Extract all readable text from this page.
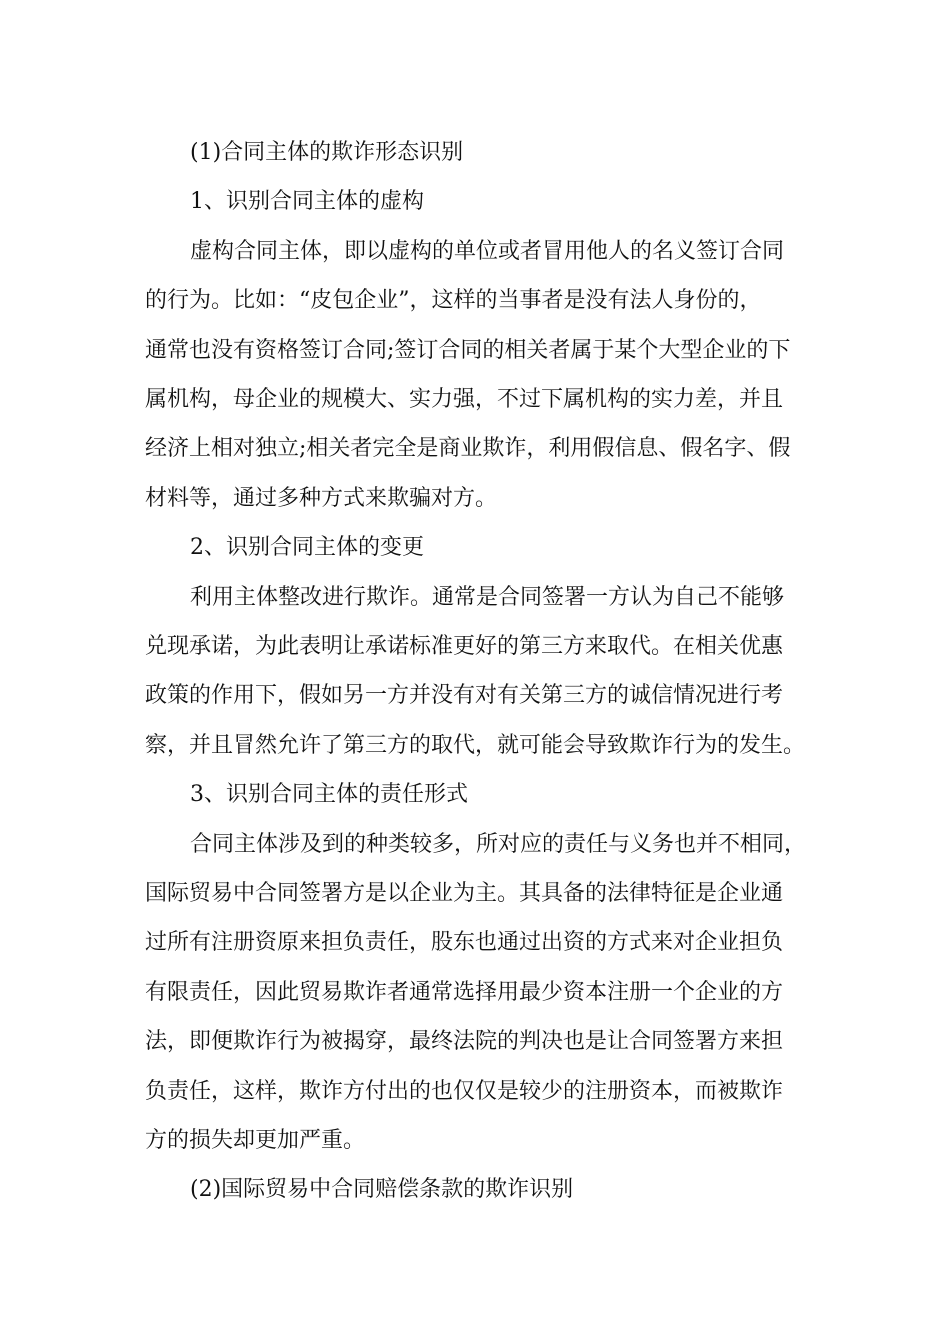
(1)合同主体的欺诈形态识别
1、识别合同主体的虚构
虚构合同主体，即以虚构的单位或者冒用他人的名义签订合同
的行为。比如：“皮包企业”，这样的当事者是没有法人身份的，
通常也没有资格签订合同;签订合同的相关者属于某个大型企业的下
属机构，母企业的规模大、实力强，不过下属机构的实力差，并且
经济上相对独立;相关者完全是商业欺诈，利用假信息、假名字、假
材料等，通过多种方式来欺骗对方。
2、识别合同主体的变更
利用主体整改进行欺诈。通常是合同签署一方认为自己不能够
兑现承诺，为此表明让承诺标准更好的第三方来取代。在相关优惠
政策的作用下，假如另一方并没有对有关第三方的诚信情况进行考
察，并且冒然允许了第三方的取代，就可能会导致欺诈行为的发生。
3、识别合同主体的责任形式
合同主体涉及到的种类较多，所对应的责任与义务也并不相同，
国际贸易中合同签署方是以企业为主。其具备的法律特征是企业通
过所有注册资原来担负责任，股东也通过出资的方式来对企业担负
有限责任，因此贸易欺诈者通常选择用最少资本注册一个企业的方
法，即便欺诈行为被揭穿，最终法院的判决也是让合同签署方来担
负责任，这样，欺诈方付出的也仅仅是较少的注册资本，而被欺诈
方的损失却更加严重。
(2)国际贸易中合同赔偿条款的欺诈识别
